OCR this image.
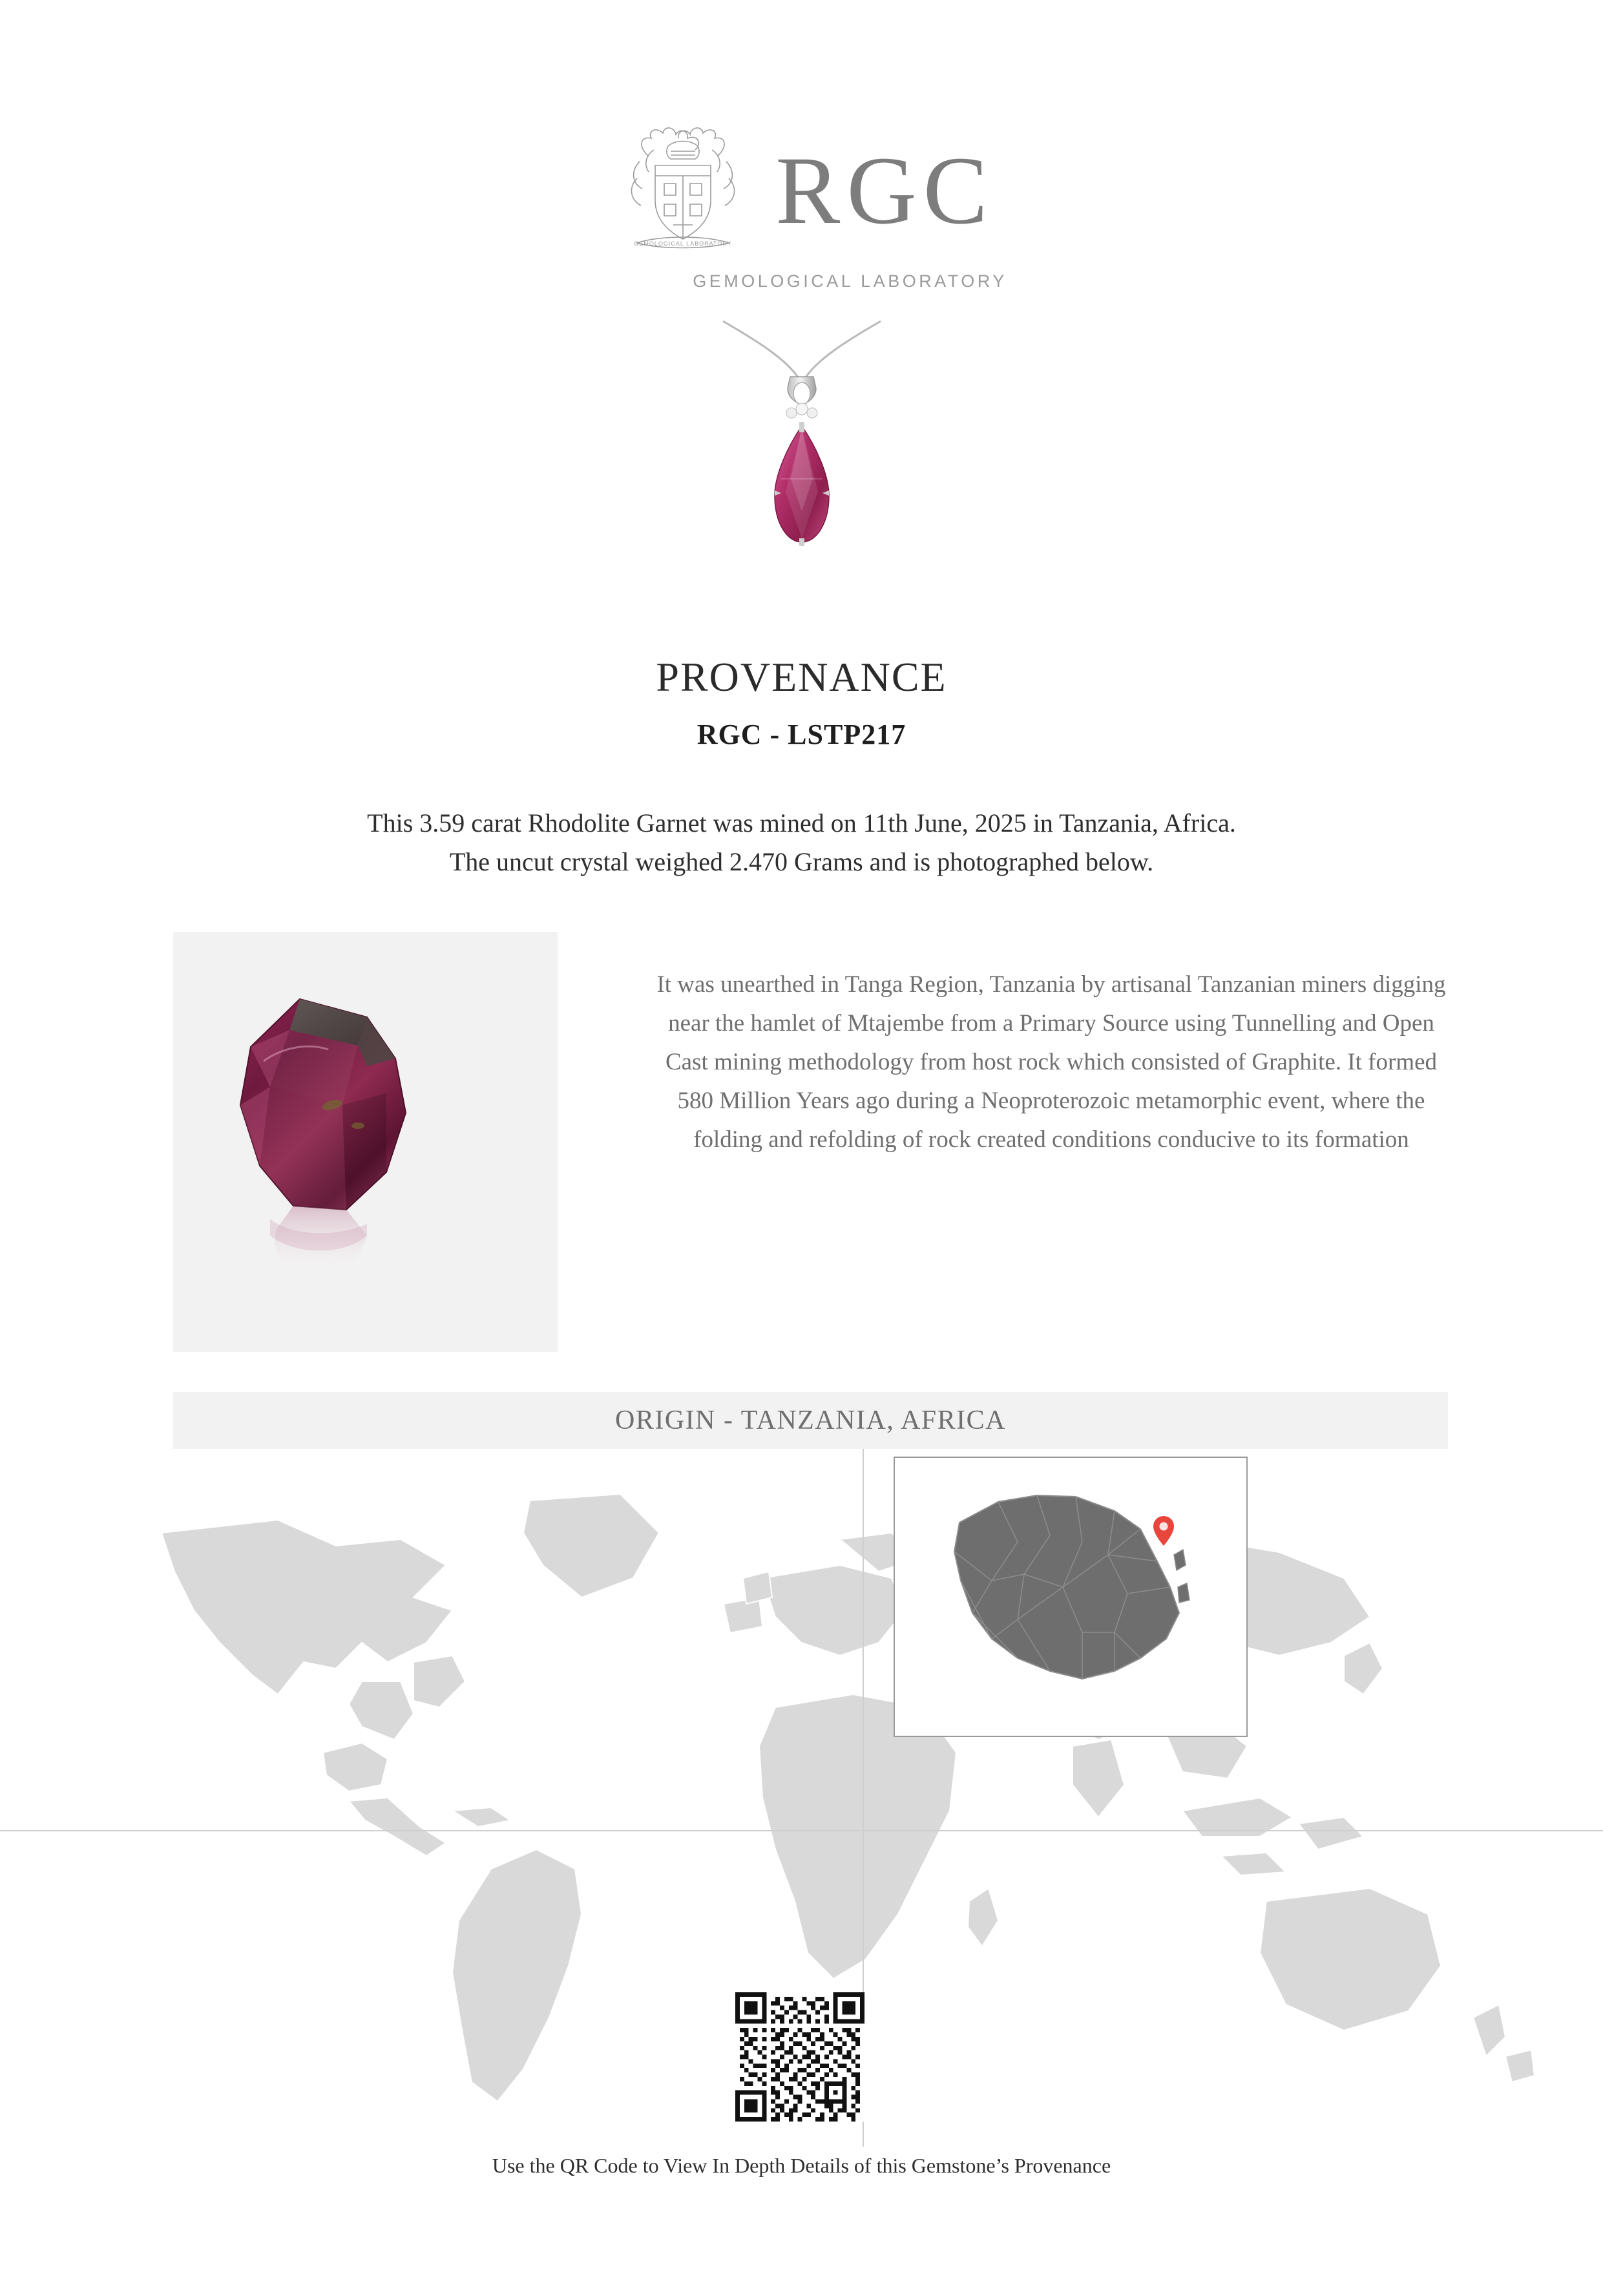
GEMOLOGICAL LABORATORY RGC
GEMOLOGICAL LABORATORY
PROVENANCE
RGC - LSTP217
This 3.59 carat Rhodolite Garnet was mined on 11th June, 2025 in Tanzania, Africa.
The uncut crystal weighed 2.470 Grams and is photographed below.
It was unearthed in Tanga Region, Tanzania by artisanal Tanzanian miners digging near the hamlet of Mtajembe from a Primary Source using Tunnelling and Open Cast mining methodology from host rock which consisted of Graphite. It formed 580 Million Years ago during a Neoproterozoic metamorphic event, where the folding and refolding of rock created conditions conducive to its formation
ORIGIN - TANZANIA, AFRICA
Use the QR Code to View In Depth Details of this Gemstone’s Provenance
